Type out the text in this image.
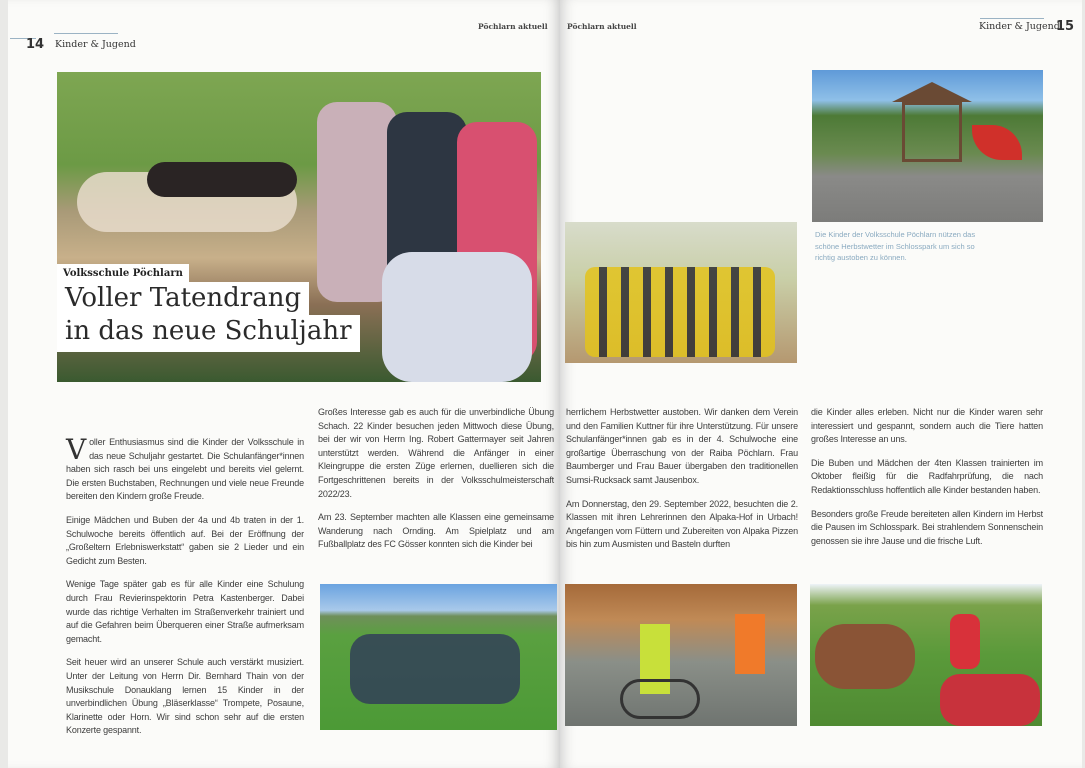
14 Kinder & Jugend
Pöchlarn aktuell
Volksschule Pöchlarn
Voller Tatendrang
in das neue Schuljahr

Voller Enthusiasmus sind die Kinder der Volksschule in das neue Schuljahr gestartet. Die Schulanfänger*innen haben sich rasch bei uns eingelebt und bereits viel gelernt. Die ersten Buchstaben, Rechnungen und viele neue Freunde bereiten den Kindern große Freude.

Einige Mädchen und Buben der 4a und 4b traten in der 1. Schulwoche bereits öffentlich auf. Bei der Eröffnung der „Großeltern Erlebniswerkstatt“ gaben sie 2 Lieder und ein Gedicht zum Besten.

Wenige Tage später gab es für alle Kinder eine Schulung durch Frau Revierinspektorin Petra Kastenberger. Dabei wurde das richtige Verhalten im Straßenverkehr trainiert und auf die Gefahren beim Überqueren einer Straße aufmerksam gemacht.

Seit heuer wird an unserer Schule auch verstärkt musiziert. Unter der Leitung von Herrn Dir. Bernhard Thain von der Musikschule Donauklang lernen 15 Kinder in der unverbindlichen Übung „Bläserklasse“ Trompete, Posaune, Klarinette oder Horn. Wir sind schon sehr auf die ersten Konzerte gespannt.

Großes Interesse gab es auch für die unverbindliche Übung Schach. 22 Kinder besuchen jeden Mittwoch diese Übung, bei der wir von Herrn Ing. Robert Gattermayer seit Jahren unterstützt werden. Während die Anfänger in einer Kleingruppe die ersten Züge erlernen, duellieren sich die Fortgeschrittenen bereits in der Volksschulmeisterschaft 2022/23.

Am 23. September machten alle Klassen eine gemeinsame Wanderung nach Ornding. Am Spielplatz und am Fußballplatz des FC Gösser konnten sich die Kinder bei

Pöchlarn aktuell	Kinder & Jugend
15
Die Kinder der Volksschule Pöchlarn nützen das schöne Herbstwetter im Schlosspark um sich so richtig austoben zu können.

herrlichem Herbstwetter austoben. Wir danken dem Verein und den Familien Kuttner für ihre Unterstützung. Für unsere Schulanfänger*innen gab es in der 4. Schulwoche eine großartige Überraschung von der Raiba Pöchlarn. Frau Baumberger und Frau Bauer übergaben den traditionellen Sumsi-Rucksack samt Jausenbox.

Am Donnerstag, den 29. September 2022, besuchten die 2. Klassen mit ihren Lehrerinnen den Alpaka-Hof in Urbach! Angefangen vom Füttern und Zubereiten von Alpaka Pizzen bis hin zum Ausmisten und Basteln durften

die Kinder alles erleben. Nicht nur die Kinder waren sehr interessiert und gespannt, sondern auch die Tiere hatten großes Interesse an uns.

Die Buben und Mädchen der 4ten Klassen trainierten im Oktober fleißig für die Radfahrprüfung, die nach Redaktionsschluss hoffentlich alle Kinder bestanden haben.

Besonders große Freude bereiteten allen Kindern im Herbst die Pausen im Schlosspark. Bei strahlendem Sonnenschein genossen sie ihre Jause und die frische Luft.
